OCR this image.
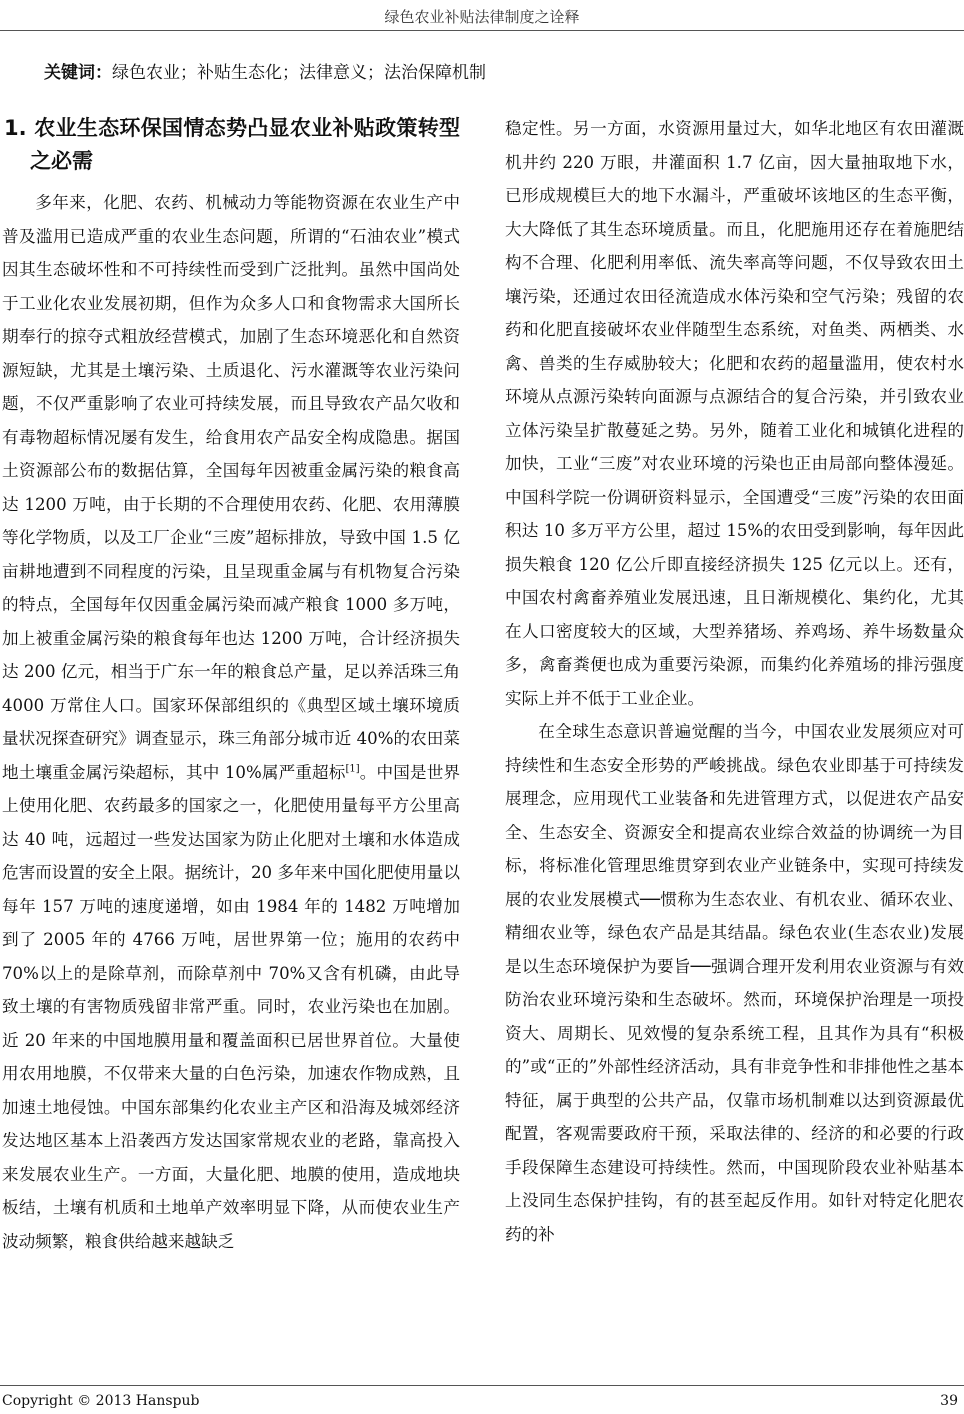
绿色农业补贴法律制度之诠释
关键词：绿色农业；补贴生态化；法律意义；法治保障机制
1. 农业生态环保国情态势凸显农业补贴政策转型之必需

多年来，化肥、农药、机械动力等能物资源在农业生产中普及滥用已造成严重的农业生态问题，所谓的“石油农业”模式因其生态破坏性和不可持续性而受到广泛批判。虽然中国尚处于工业化农业发展初期，但作为众多人口和食物需求大国所长期奉行的掠夺式粗放经营模式，加剧了生态环境恶化和自然资源短缺，尤其是土壤污染、土质退化、污水灌溉等农业污染问题，不仅严重影响了农业可持续发展，而且导致农产品欠收和有毒物超标情况屡有发生，给食用农产品安全构成隐患。据国土资源部公布的数据估算，全国每年因被重金属污染的粮食高达 1200 万吨，由于长期的不合理使用农药、化肥、农用薄膜等化学物质，以及工厂企业“三废”超标排放，导致中国 1.5 亿亩耕地遭到不同程度的污染，且呈现重金属与有机物复合污染的特点，全国每年仅因重金属污染而减产粮食 1000 多万吨，加上被重金属污染的粮食每年也达 1200 万吨，合计经济损失达 200 亿元，相当于广东一年的粮食总产量，足以养活珠三角 4000 万常住人口。国家环保部组织的《典型区域土壤环境质量状况探查研究》调查显示，珠三角部分城市近 40%的农田菜地土壤重金属污染超标，其中 10%属严重超标[1]。中国是世界上使用化肥、农药最多的国家之一，化肥使用量每平方公里高达 40 吨，远超过一些发达国家为防止化肥对土壤和水体造成危害而设置的安全上限。据统计，20 多年来中国化肥使用量以每年 157 万吨的速度递增，如由 1984 年的 1482 万吨增加到了 2005 年的 4766 万吨，居世界第一位；施用的农药中 70%以上的是除草剂，而除草剂中 70%又含有机磷，由此导致土壤的有害物质残留非常严重。同时，农业污染也在加剧。近 20 年来的中国地膜用量和覆盖面积已居世界首位。大量使用农用地膜，不仅带来大量的白色污染，加速农作物成熟，且加速土地侵蚀。中国东部集约化农业主产区和沿海及城郊经济发达地区基本上沿袭西方发达国家常规农业的老路，靠高投入来发展农业生产。一方面，大量化肥、地膜的使用，造成地块板结，土壤有机质和土地单产效率明显下降，从而使农业生产波动频繁，粮食供给越来越缺乏

稳定性。另一方面，水资源用量过大，如华北地区有农田灌溉机井约 220 万眼，井灌面积 1.7 亿亩，因大量抽取地下水，已形成规模巨大的地下水漏斗，严重破坏该地区的生态平衡，大大降低了其生态环境质量。而且，化肥施用还存在着施肥结构不合理、化肥利用率低、流失率高等问题，不仅导致农田土壤污染，还通过农田径流造成水体污染和空气污染；残留的农药和化肥直接破坏农业伴随型生态系统，对鱼类、两栖类、水禽、兽类的生存威胁较大；化肥和农药的超量滥用，使农村水环境从点源污染转向面源与点源结合的复合污染，并引致农业立体污染呈扩散蔓延之势。另外，随着工业化和城镇化进程的加快，工业“三废”对农业环境的污染也正由局部向整体漫延。中国科学院一份调研资料显示，全国遭受“三废”污染的农田面积达 10 多万平方公里，超过 15%的农田受到影响，每年因此损失粮食 120 亿公斤即直接经济损失 125 亿元以上。还有，中国农村禽畜养殖业发展迅速，且日渐规模化、集约化，尤其在人口密度较大的区域，大型养猪场、养鸡场、养牛场数量众多，禽畜粪便也成为重要污染源，而集约化养殖场的排污强度实际上并不低于工业企业。

在全球生态意识普遍觉醒的当今，中国农业发展须应对可持续性和生态安全形势的严峻挑战。绿色农业即基于可持续发展理念，应用现代工业装备和先进管理方式，以促进农产品安全、生态安全、资源安全和提高农业综合效益的协调统一为目标，将标准化管理思维贯穿到农业产业链条中，实现可持续发展的农业发展模式──惯称为生态农业、有机农业、循环农业、精细农业等，绿色农产品是其结晶。绿色农业(生态农业)发展是以生态环境保护为要旨──强调合理开发利用农业资源与有效防治农业环境污染和生态破坏。然而，环境保护治理是一项投资大、周期长、见效慢的复杂系统工程，且其作为具有“积极的”或“正的”外部性经济活动，具有非竞争性和非排他性之基本特征，属于典型的公共产品，仅靠市场机制难以达到资源最优配置，客观需要政府干预，采取法律的、经济的和必要的行政手段保障生态建设可持续性。然而，中国现阶段农业补贴基本上没同生态保护挂钩，有的甚至起反作用。如针对特定化肥农药的补

Copyright © 2013 Hanspub	39
